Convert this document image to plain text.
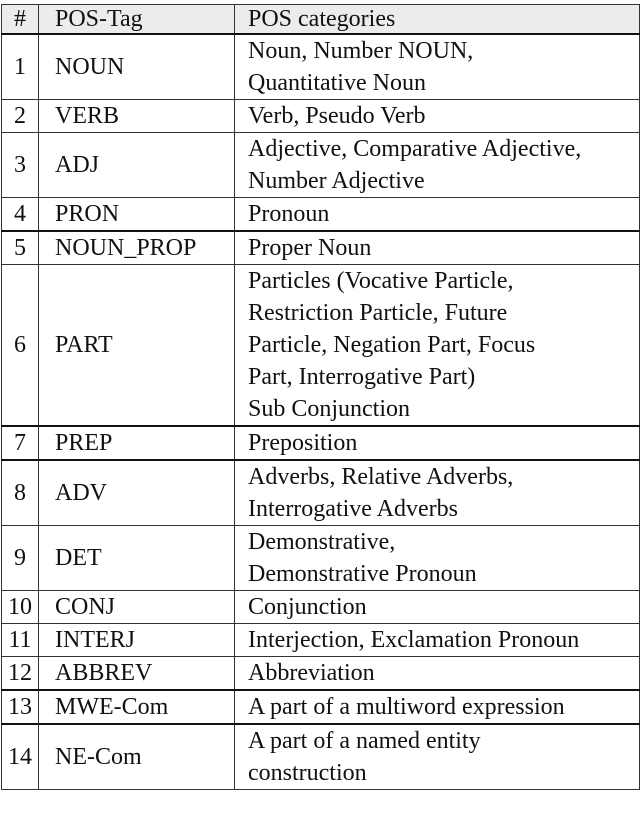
#	POS-Tag	POS categories
1	NOUN	Noun, Number NOUN,
Quantitative Noun

2	VERB	Verb, Pseudo Verb

3	ADJ	Adjective, Comparative Adjective,
Number Adjective

4	PRON	Pronoun

5	NOUN_PROP	Proper Noun

6	PART	Particles (Vocative Particle,
Restriction Particle, Future
Particle, Negation Part, Focus
Part, Interrogative Part)
Sub Conjunction

7	PREP	Preposition

8	ADV	Adverbs, Relative Adverbs,
Interrogative Adverbs

9	DET	Demonstrative,
Demonstrative Pronoun

10	CONJ	Conjunction

11	INTERJ	Interjection, Exclamation Pronoun

12	ABBREV	Abbreviation

13	MWE-Com	A part of a multiword expression

14	NE-Com	A part of a named entity
construction
